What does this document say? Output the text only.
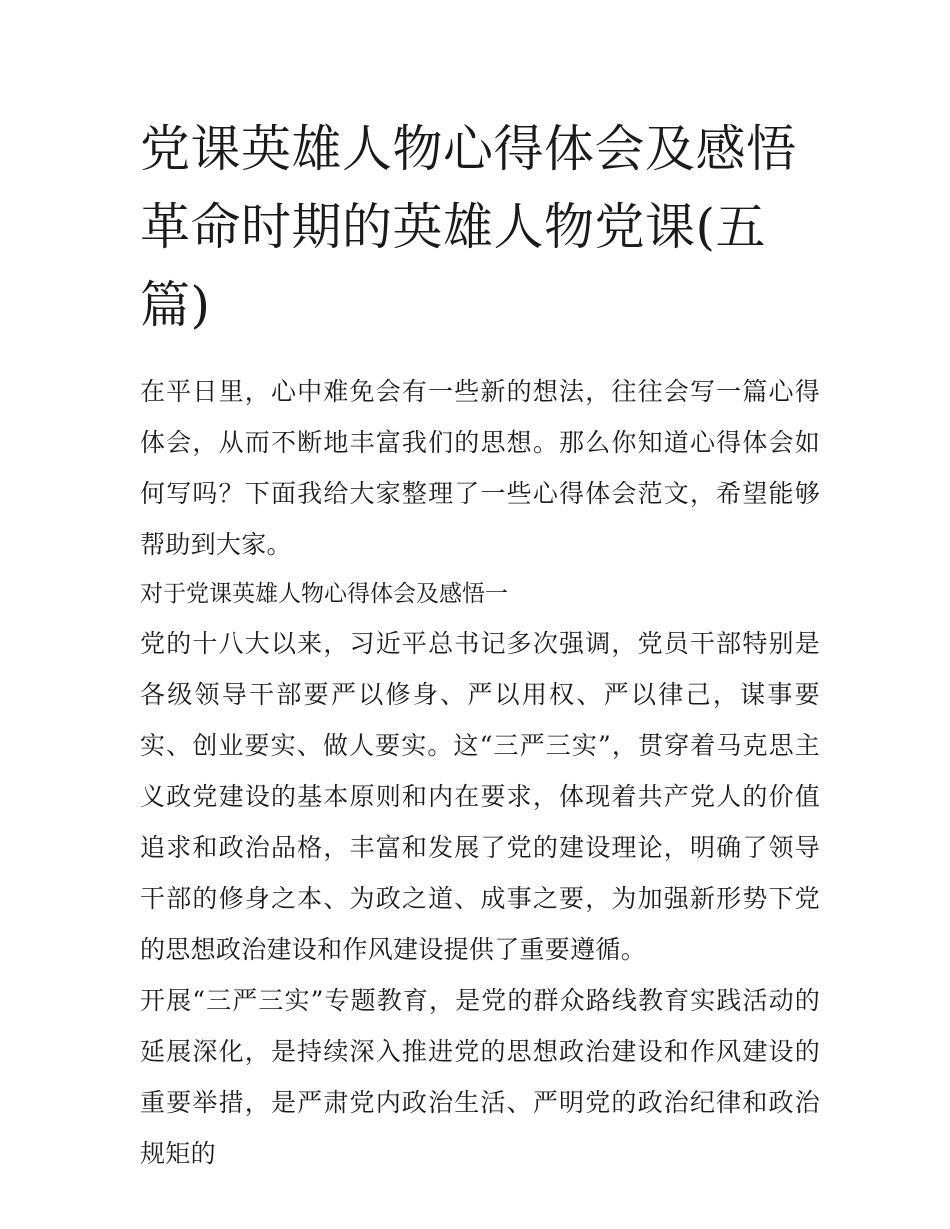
党课英雄人物心得体会及感悟
革命时期的英雄人物党课(五
篇)

在平日里，心中难免会有一些新的想法，往往会写一篇心得体会，从而不断地丰富我们的思想。那么你知道心得体会如何写吗？下面我给大家整理了一些心得体会范文，希望能够帮助到大家。

对于党课英雄人物心得体会及感悟一

党的十八大以来，习近平总书记多次强调，党员干部特别是各级领导干部要严以修身、严以用权、严以律己，谋事要实、创业要实、做人要实。这“三严三实”，贯穿着马克思主义政党建设的基本原则和内在要求，体现着共产党人的价值追求和政治品格，丰富和发展了党的建设理论，明确了领导干部的修身之本、为政之道、成事之要，为加强新形势下党的思想政治建设和作风建设提供了重要遵循。

开展“三严三实”专题教育，是党的群众路线教育实践活动的延展深化，是持续深入推进党的思想政治建设和作风建设的重要举措，是严肃党内政治生活、严明党的政治纪律和政治规矩的
